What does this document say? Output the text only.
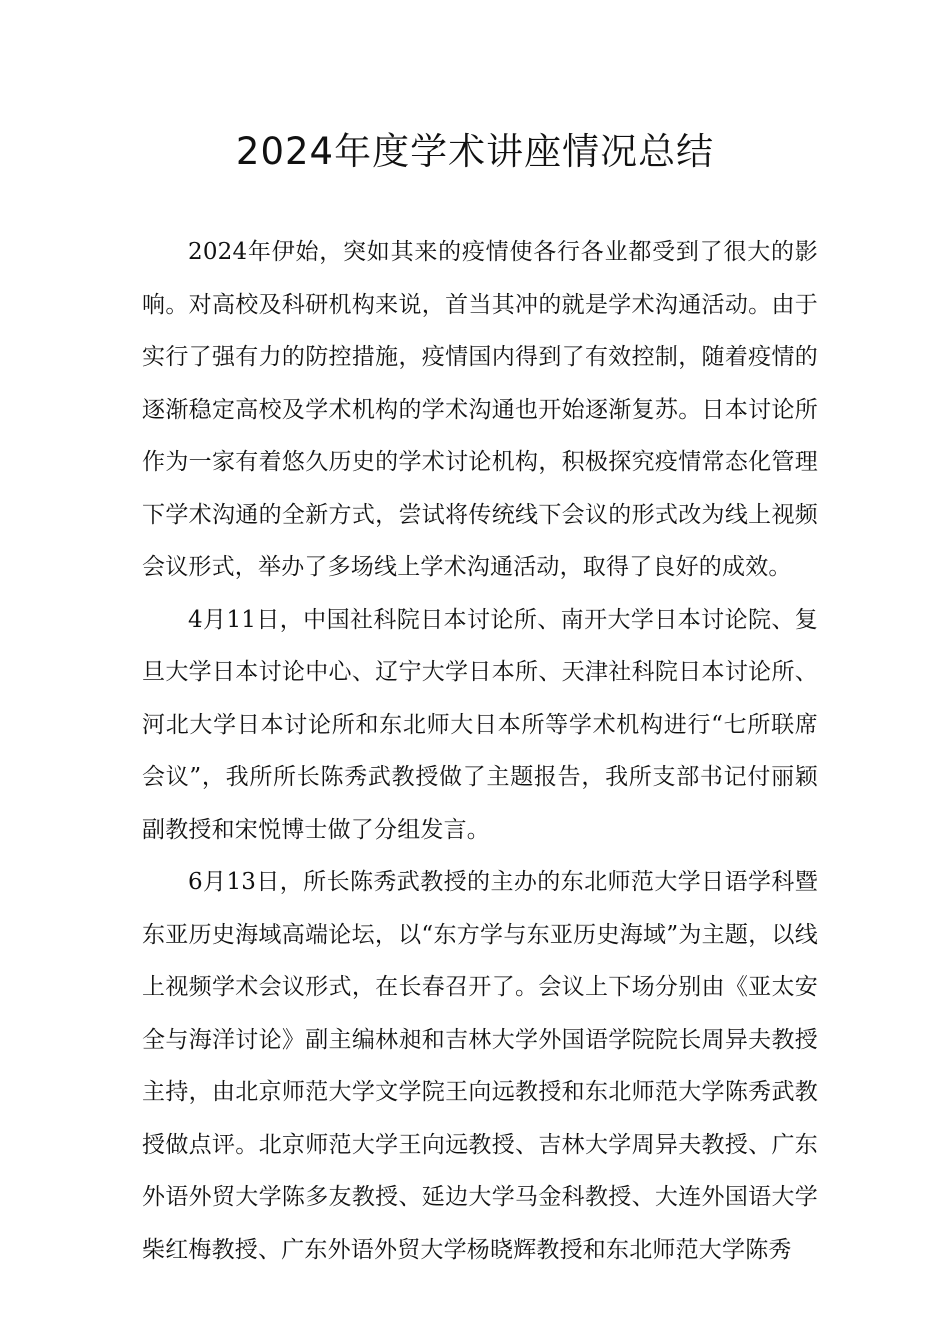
2024年度学术讲座情况总结

2024年伊始，突如其来的疫情使各行各业都受到了很大的影响。对高校及科研机构来说，首当其冲的就是学术沟通活动。由于实行了强有力的防控措施，疫情国内得到了有效控制，随着疫情的逐渐稳定高校及学术机构的学术沟通也开始逐渐复苏。日本讨论所作为一家有着悠久历史的学术讨论机构，积极探究疫情常态化管理下学术沟通的全新方式，尝试将传统线下会议的形式改为线上视频会议形式，举办了多场线上学术沟通活动，取得了良好的成效。

4月11日，中国社科院日本讨论所、南开大学日本讨论院、复旦大学日本讨论中心、辽宁大学日本所、天津社科院日本讨论所、河北大学日本讨论所和东北师大日本所等学术机构进行“七所联席会议”，我所所长陈秀武教授做了主题报告，我所支部书记付丽颖副教授和宋悦博士做了分组发言。

6月13日，所长陈秀武教授的主办的东北师范大学日语学科暨东亚历史海域高端论坛，以“东方学与东亚历史海域”为主题，以线上视频学术会议形式，在长春召开了。会议上下场分别由《亚太安全与海洋讨论》副主编林昶和吉林大学外国语学院院长周异夫教授主持，由北京师范大学文学院王向远教授和东北师范大学陈秀武教授做点评。北京师范大学王向远教授、吉林大学周异夫教授、广东外语外贸大学陈多友教授、延边大学马金科教授、大连外国语大学柴红梅教授、广东外语外贸大学杨晓辉教授和东北师范大学陈秀
